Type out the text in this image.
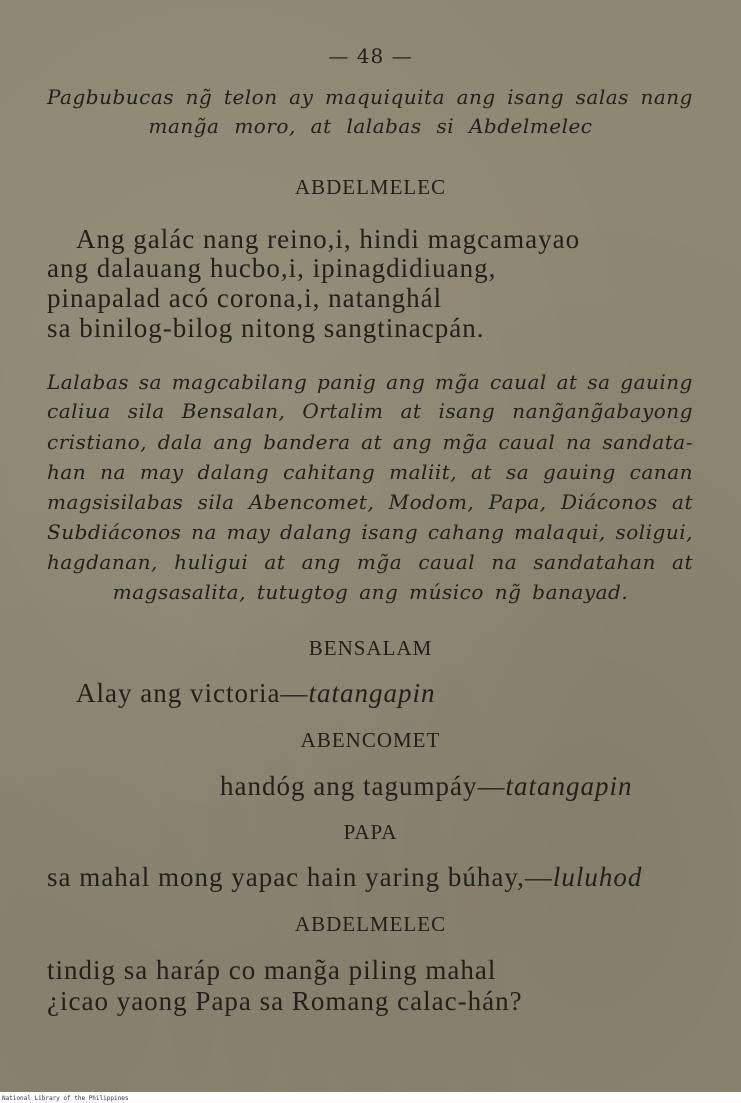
— 48 —
Pagbubucas ng̃ telon ay maquiquita ang isang salas nang
mang̃a moro, at lalabas si Abdelmelec
ABDELMELEC
Ang galác nang reino,i, hindi magcamayao
ang dalauang hucbo,i, ipinagdidiuang,
pinapalad acó corona,i, natanghál
sa binilog-bilog nitong sangtinacpán.
Lalabas sa magcabilang panig ang mg̃a caual at sa gauing
caliua sila Bensalan, Ortalim at isang nang̃ang̃abayong
cristiano, dala ang bandera at ang mg̃a caual na sandata-
han na may dalang cahitang maliit, at sa gauing canan
magsisilabas sila Abencomet, Modom, Papa, Diáconos at
Subdiáconos na may dalang isang cahang malaqui, soligui,
hagdanan, huligui at ang mg̃a caual na sandatahan at
magsasalita, tutugtog ang músico ng̃ banayad.
BENSALAM
Alay ang victoria—tatangapin
ABENCOMET
handóg ang tagumpáy—tatangapin
PAPA
sa mahal mong yapac hain yaring búhay,—luluhod
ABDELMELEC
tindig sa haráp co mang̃a piling mahal
¿icao yaong Papa sa Romang calac-hán?
National Library of the Philippines
